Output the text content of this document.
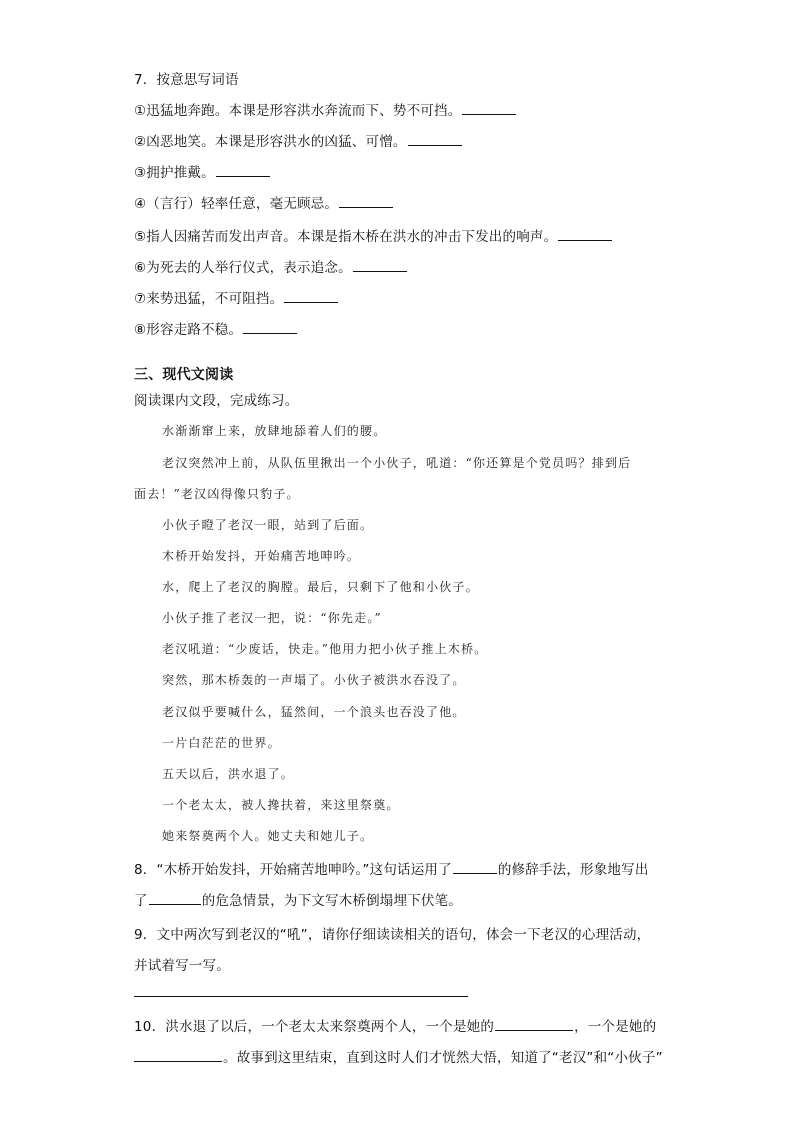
7．按意思写词语
①迅猛地奔跑。本课是形容洪水奔流而下、势不可挡。
②凶恶地笑。本课是形容洪水的凶猛、可憎。
③拥护推戴。
④（言行）轻率任意，毫无顾忌。
⑤指人因痛苦而发出声音。本课是指木桥在洪水的冲击下发出的响声。
⑥为死去的人举行仪式，表示追念。
⑦来势迅猛，不可阻挡。
⑧形容走路不稳。
三、现代文阅读
阅读课内文段，完成练习。
水渐渐窜上来，放肆地舔着人们的腰。
老汉突然冲上前，从队伍里揪出一个小伙子，吼道：“你还算是个党员吗？排到后
面去！”老汉凶得像只豹子。
小伙子瞪了老汉一眼，站到了后面。
木桥开始发抖，开始痛苦地呻吟。
水，爬上了老汉的胸膛。最后，只剩下了他和小伙子。
小伙子推了老汉一把，说：“你先走。”
老汉吼道：“少废话，快走。”他用力把小伙子推上木桥。
突然，那木桥轰的一声塌了。小伙子被洪水吞没了。
老汉似乎要喊什么，猛然间，一个浪头也吞没了他。
一片白茫茫的世界。
五天以后，洪水退了。
一个老太太，被人搀扶着，来这里祭奠。
她来祭奠两个人。她丈夫和她儿子。
8．“木桥开始发抖，开始痛苦地呻吟。”这句话运用了	的修辞手法，形象地写出
了	的危急情景，为下文写木桥倒塌埋下伏笔。
9．文中两次写到老汉的“吼”，请你仔细读读相关的语句，体会一下老汉的心理活动，
并试着写一写。
10．洪水退了以后，一个老太太来祭奠两个人，一个是她的	，一个是她的
。故事到这里结束，直到这时人们才恍然大悟，知道了“老汉”和“小伙子”
